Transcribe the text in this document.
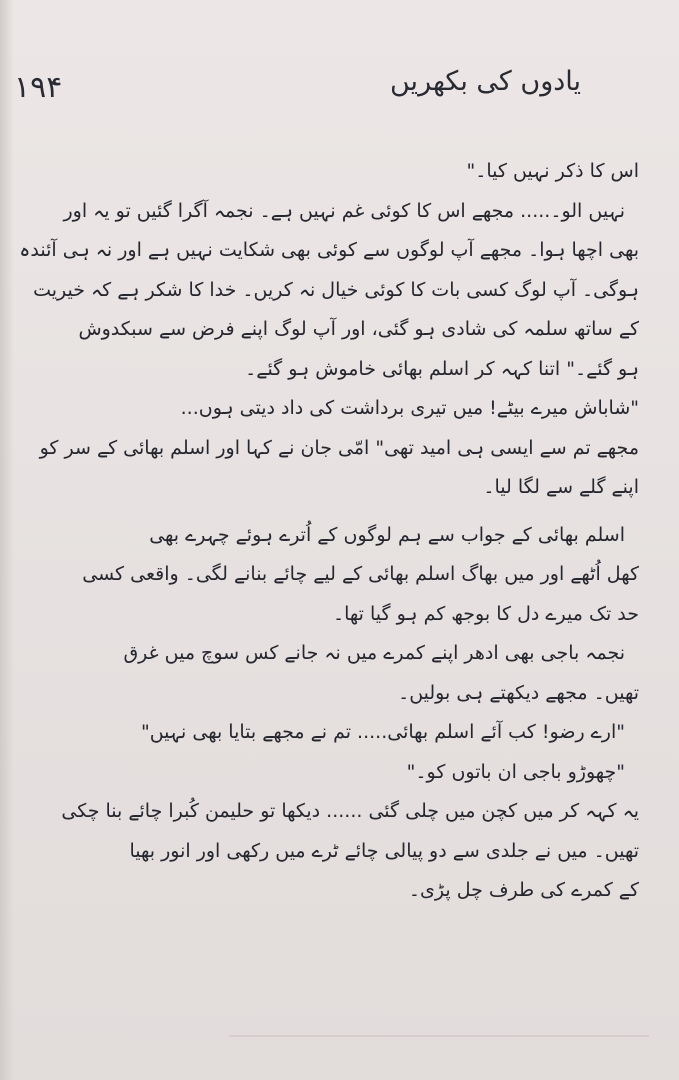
۱۹۴	یادوں کی بکھریں
اس کا ذکر نہیں کیا۔"
نہیں الو۔..... مجھے اس کا کوئی غم نہیں ہے۔ نجمہ آگرا گئیں تو یہ اور
بھی اچھا ہوا۔ مجھے آپ لوگوں سے کوئی بھی شکایت نہیں ہے اور نہ ہی آئندہ
ہوگی۔ آپ لوگ کسی بات کا کوئی خیال نہ کریں۔ خدا کا شکر ہے کہ خیریت
کے ساتھ سلمہ کی شادی ہو گئی، اور آپ لوگ اپنے فرض سے سبکدوش
ہو گئے۔" اتنا کہہ کر اسلم بھائی خاموش ہو گئے۔
"شاباش میرے بیٹے! میں تیری برداشت کی داد دیتی ہوں...
مجھے تم سے ایسی ہی امید تھی" امّی جان نے کہا اور اسلم بھائی کے سر کو
اپنے گلے سے لگا لیا۔
اسلم بھائی کے جواب سے ہم لوگوں کے اُترے ہوئے چہرے بھی
کھل اُٹھے اور میں بھاگ اسلم بھائی کے لیے چائے بنانے لگی۔ واقعی کسی
حد تک میرے دل کا بوجھ کم ہو گیا تھا۔
نجمہ باجی بھی ادھر اپنے کمرے میں نہ جانے کس سوچ میں غرق
تھیں۔ مجھے دیکھتے ہی بولیں۔
"ارے رضو! کب آئے اسلم بھائی..... تم نے مجھے بتایا بھی نہیں"
"چھوڑو باجی ان باتوں کو۔"
یہ کہہ کر میں کچن میں چلی گئی ...... دیکھا تو حلیمن کُبرا چائے بنا چکی
تھیں۔ میں نے جلدی سے دو پیالی چائے ٹرے میں رکھی اور انور بھیا
کے کمرے کی طرف چل پڑی۔
